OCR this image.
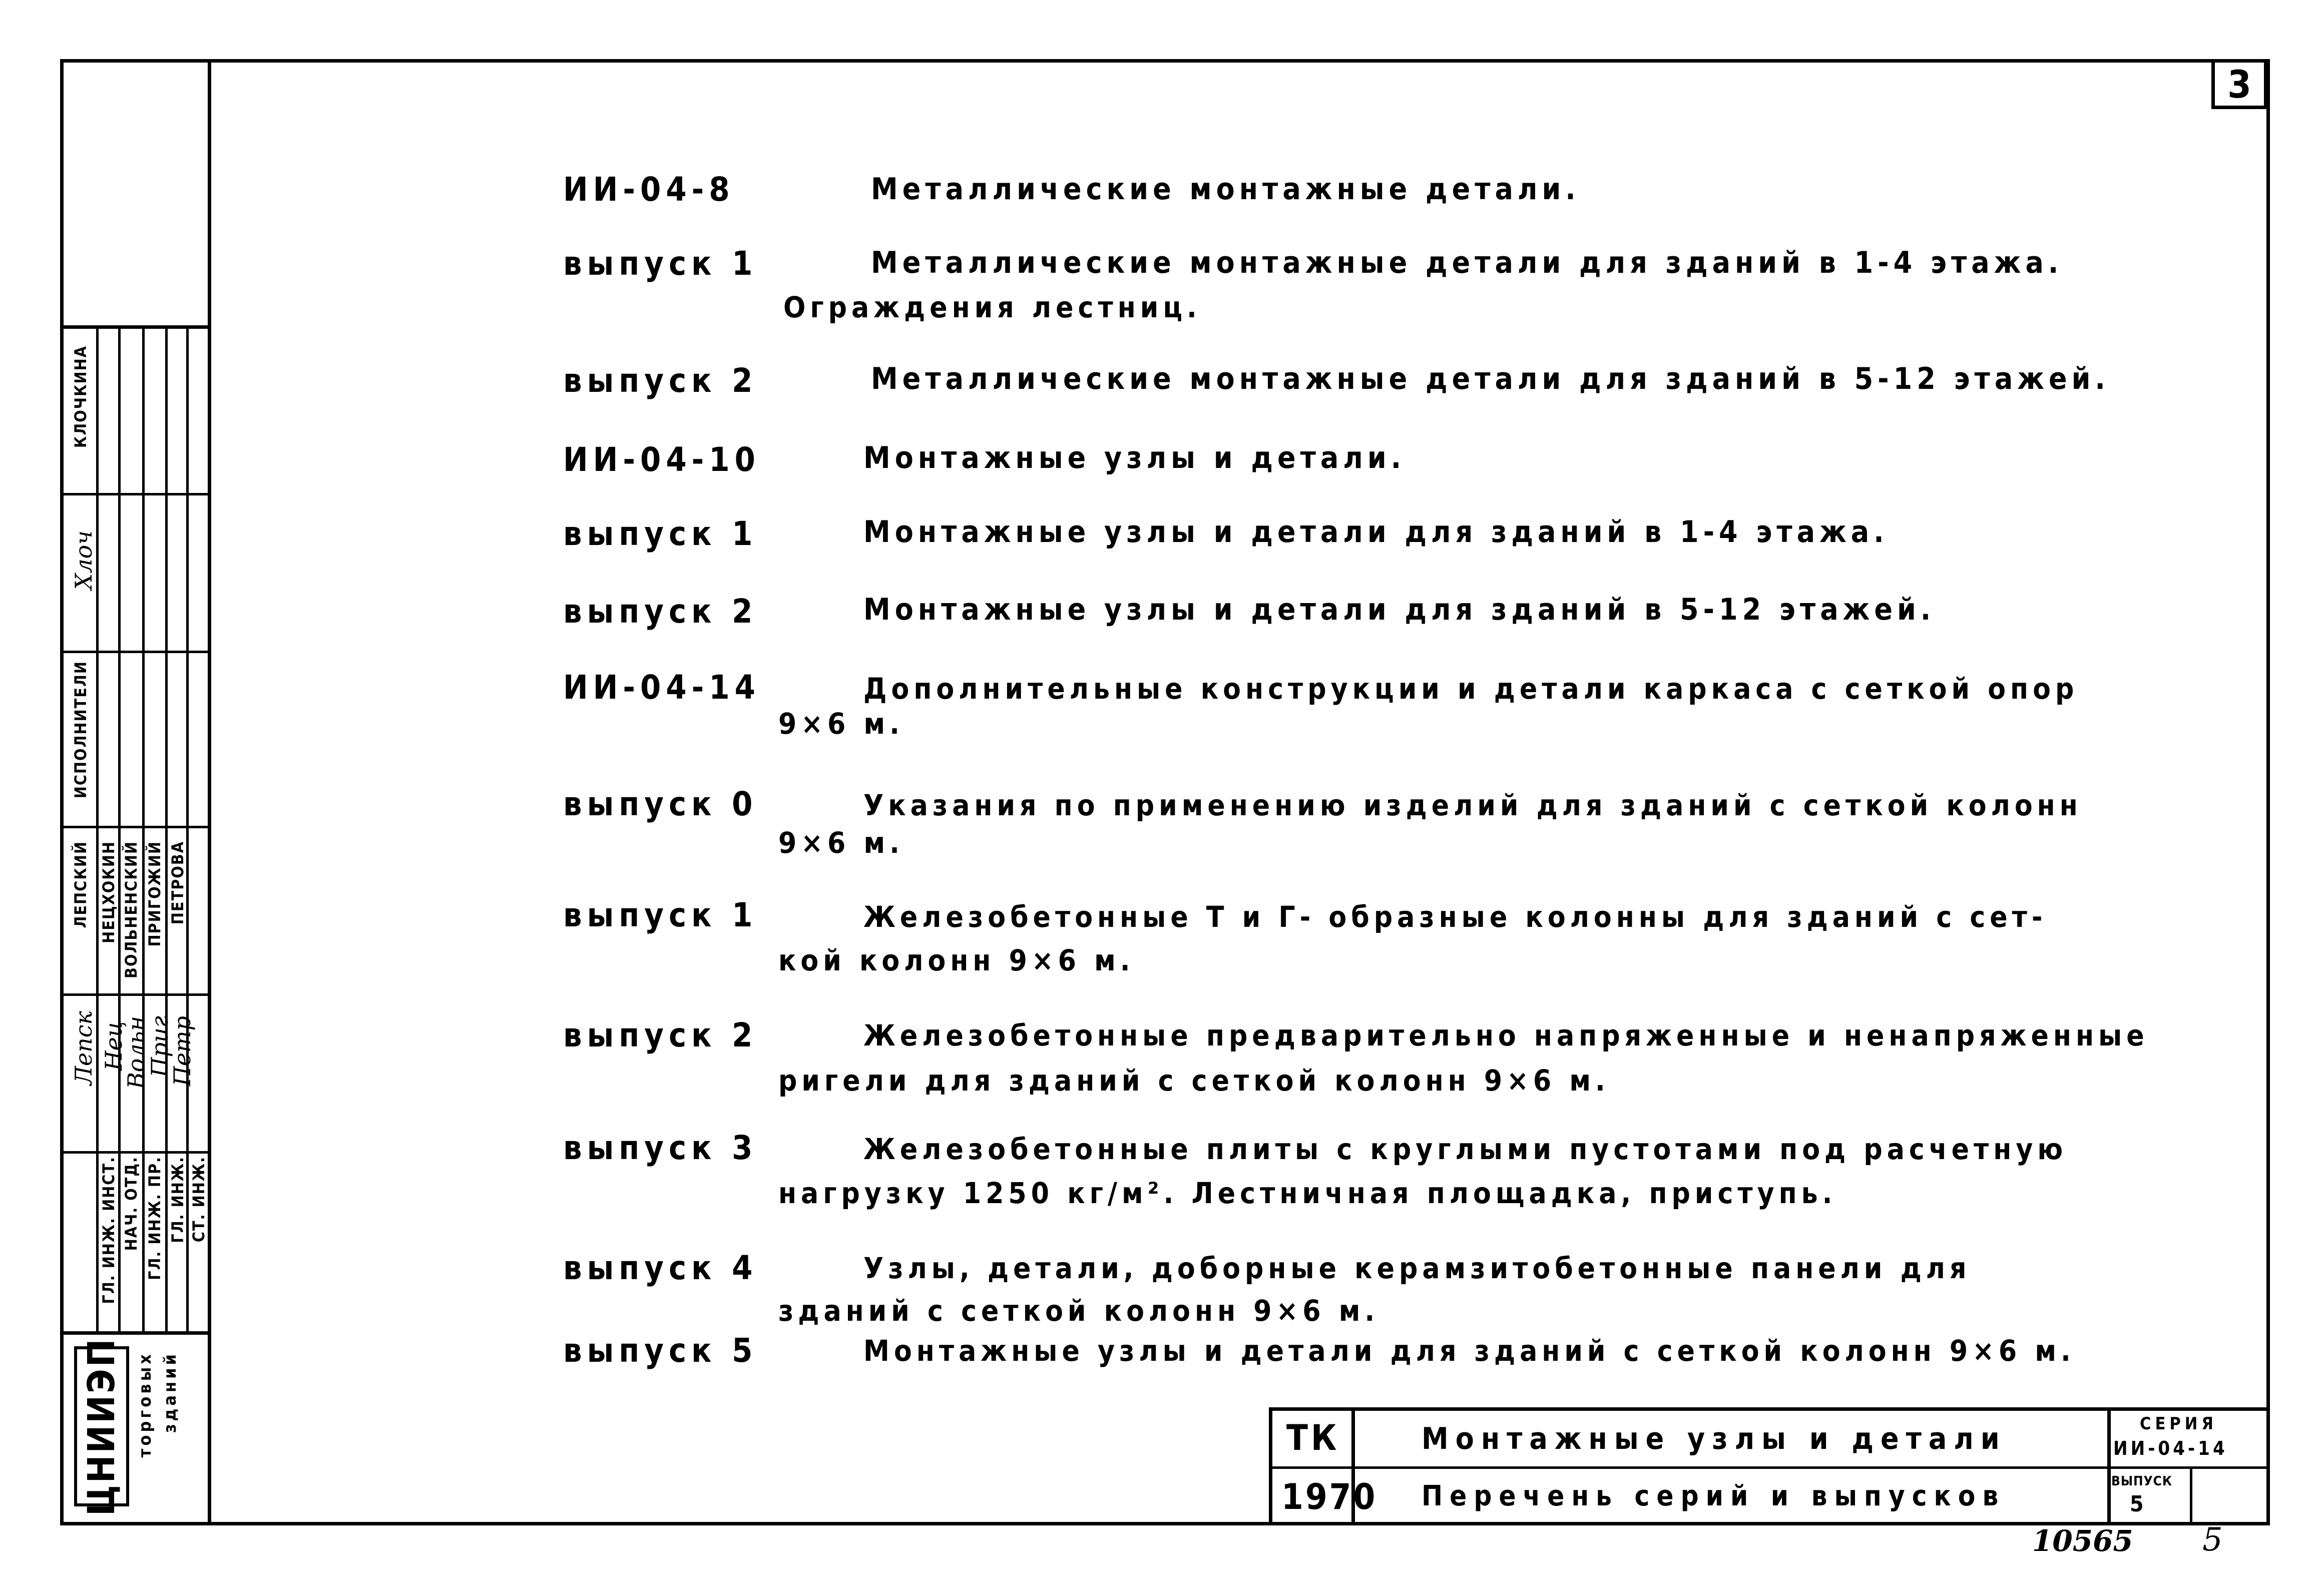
3
ИИ-04-8	Металлические монтажные детали.
выпуск 1	Металлические монтажные детали для зданий в 1-4 этажа.
Ограждения лестниц.
выпуск 2	Металлические монтажные детали для зданий в 5-12 этажей.
ИИ-04-10	Монтажные узлы и детали.
выпуск 1	Монтажные узлы и детали для зданий в 1-4 этажа.
выпуск 2	Монтажные узлы и детали для зданий в 5-12 этажей.
ИИ-04-14	Дополнительные конструкции и детали каркаса с сеткой опор
9×6 м.
выпуск 0	Указания по применению изделий для зданий с сеткой колонн
9×6 м.
выпуск 1	Железобетонные Т и Г- образные колонны для зданий с сет-
кой колонн 9×6 м.
выпуск 2	Железобетонные предварительно напряженные и ненапряженные
ригели для зданий с сеткой колонн 9×6 м.
выпуск 3	Железобетонные плиты с круглыми пустотами под расчетную
нагрузку 1250 кг/м². Лестничная площадка, приступь.
выпуск 4	Узлы, детали, доборные керамзитобетонные панели для
зданий с сеткой колонн 9×6 м.
выпуск 5	Монтажные узлы и детали для зданий с сеткой колонн 9×6 м.
ГЛ. ИНЖ. ИНСТ. НАЧ. ОТД. ГЛ. ИНЖ. ПР. ГЛ. ИНЖ. СТ. ИНЖ.
Лепск Нец
Вольн
Приг
Петр
ЛЕПСКИЙ НЕЦХОКИН ВОЛЬНЕНСКИЙ ПРИГОЖИЙ ПЕТРОВА
ИСПОЛНИТЕЛИ
Хлоч
КЛОЧКИНА
ЦНИИЭП торговых зданий
ТК
1970
Монтажные узлы и детали
Перечень серий и выпусков
СЕРИЯ
ИИ-04-14
ВЫПУСК
5
10565 5
